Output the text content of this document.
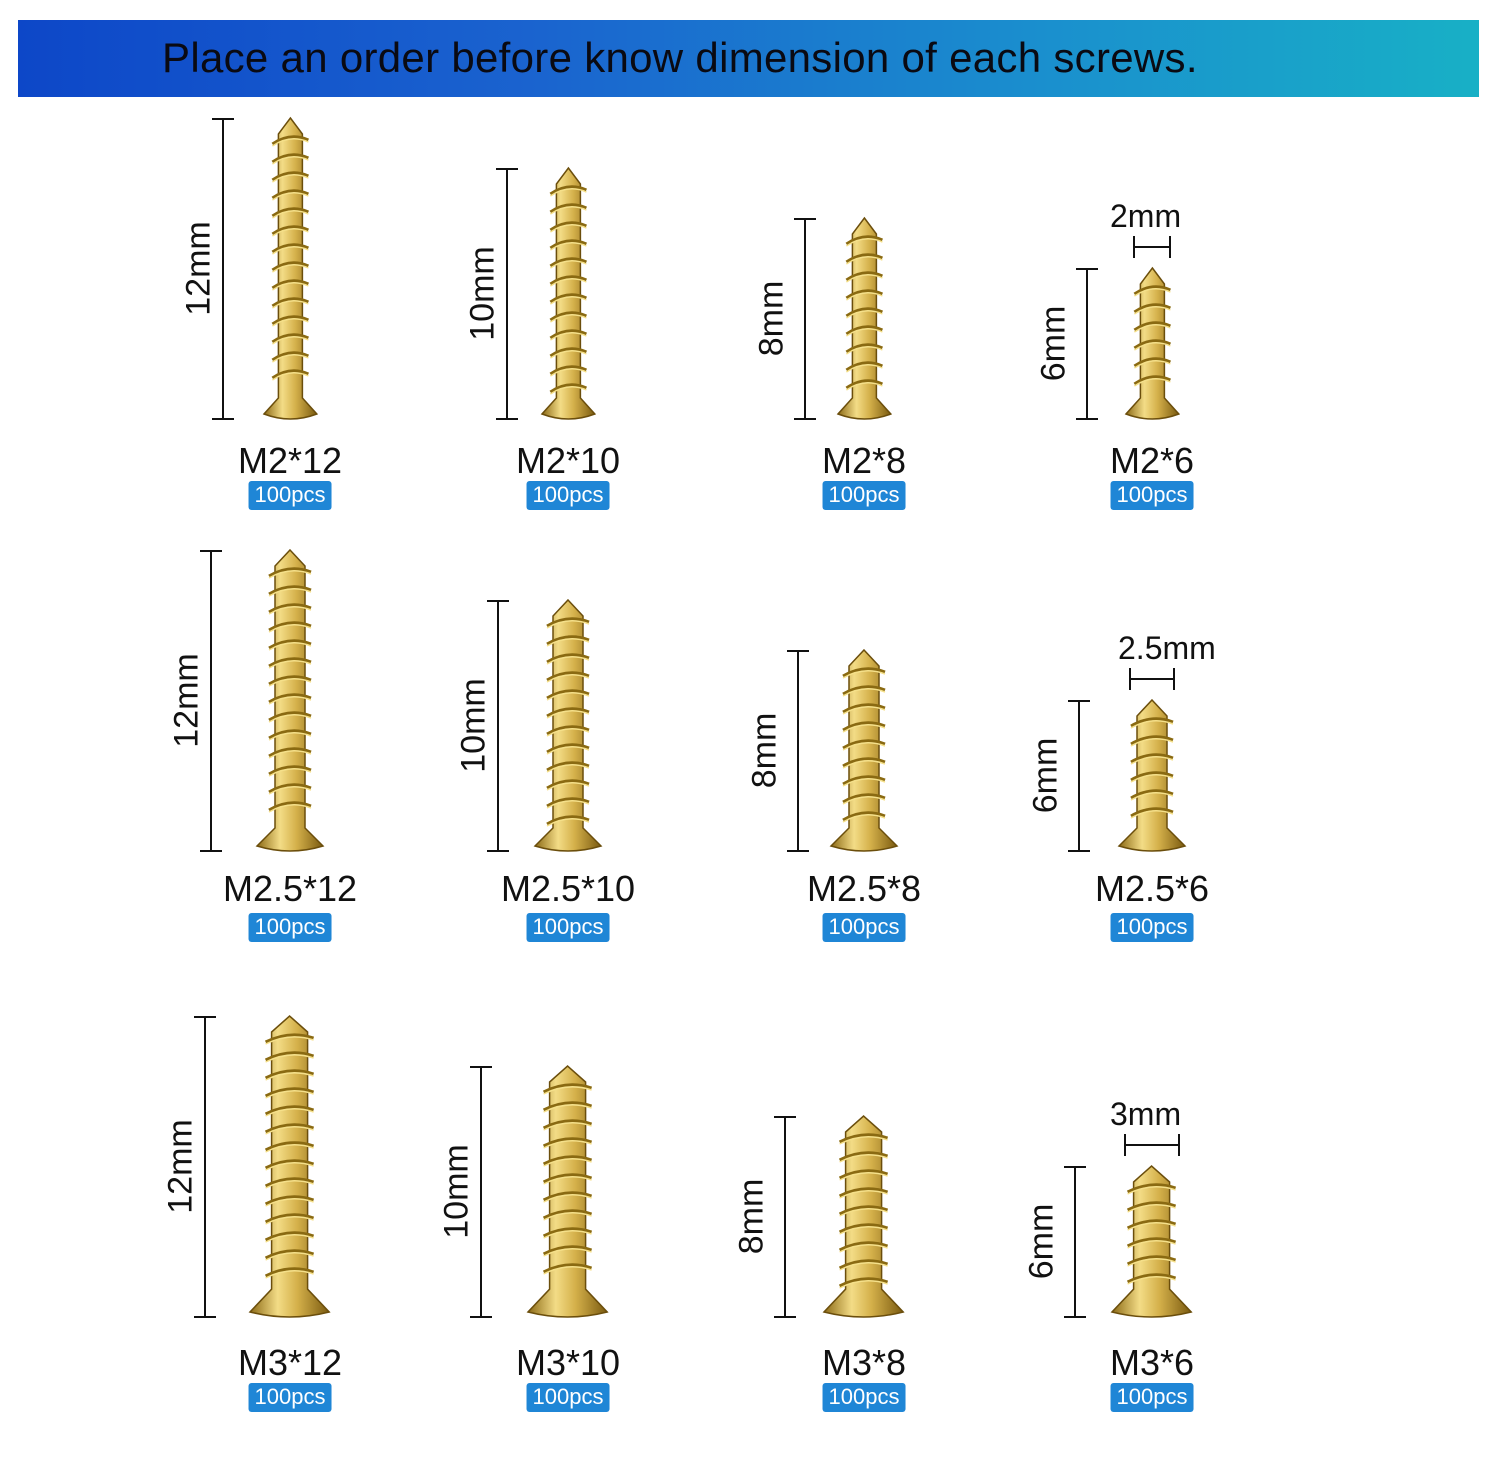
Place an order before know dimension of each screws.
12mm
M2*12
100pcs
10mm
M2*10
100pcs
8mm
M2*8
100pcs
6mm
2mm
M2*6
100pcs
12mm
M2.5*12
100pcs
10mm
M2.5*10
100pcs
8mm
M2.5*8
100pcs
6mm
2.5mm
M2.5*6
100pcs
12mm
M3*12
100pcs
10mm
M3*10
100pcs
8mm
M3*8
100pcs
6mm
3mm
M3*6
100pcs
